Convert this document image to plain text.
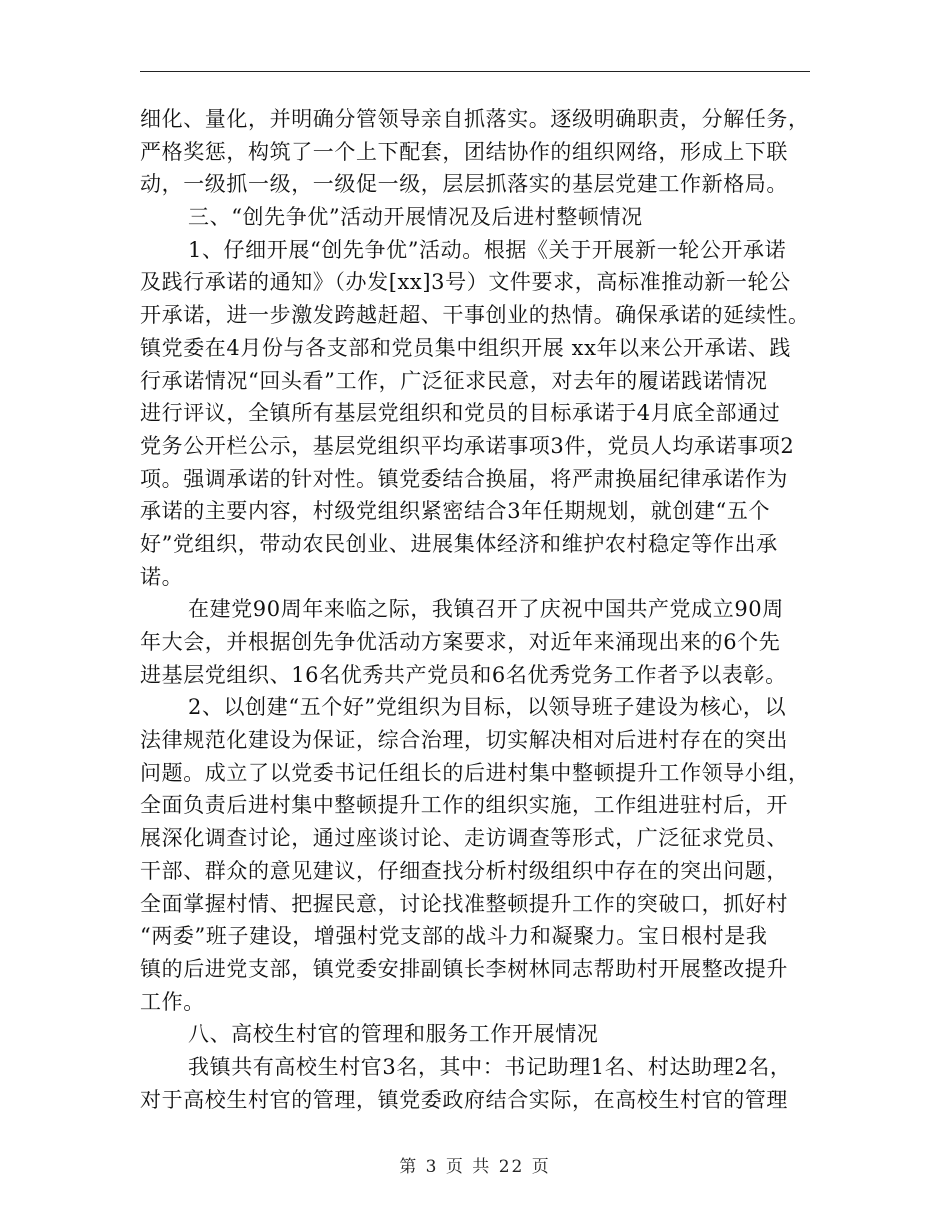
细化、量化，并明确分管领导亲自抓落实。逐级明确职责，分解任务，
严格奖惩，构筑了一个上下配套，团结协作的组织网络，形成上下联
动，一级抓一级，一级促一级，层层抓落实的基层党建工作新格局。
三、“创先争优”活动开展情况及后进村整顿情况
1、仔细开展“创先争优”活动。根据《关于开展新一轮公开承诺
及践行承诺的通知》（办发[xx]3号）文件要求，高标准推动新一轮公
开承诺，进一步激发跨越赶超、干事创业的热情。确保承诺的延续性。
镇党委在4月份与各支部和党员集中组织开展 xx年以来公开承诺、践
行承诺情况“回头看”工作，广泛征求民意，对去年的履诺践诺情况
进行评议，全镇所有基层党组织和党员的目标承诺于4月底全部通过
党务公开栏公示，基层党组织平均承诺事项3件，党员人均承诺事项2
项。强调承诺的针对性。镇党委结合换届，将严肃换届纪律承诺作为
承诺的主要内容，村级党组织紧密结合3年任期规划，就创建“五个
好”党组织，带动农民创业、进展集体经济和维护农村稳定等作出承
诺。
在建党90周年来临之际，我镇召开了庆祝中国共产党成立90周
年大会，并根据创先争优活动方案要求，对近年来涌现出来的6个先
进基层党组织、16名优秀共产党员和6名优秀党务工作者予以表彰。
2、以创建“五个好”党组织为目标，以领导班子建设为核心，以
法律规范化建设为保证，综合治理，切实解决相对后进村存在的突出
问题。成立了以党委书记任组长的后进村集中整顿提升工作领导小组，
全面负责后进村集中整顿提升工作的组织实施，工作组进驻村后，开
展深化调查讨论，通过座谈讨论、走访调查等形式，广泛征求党员、
干部、群众的意见建议，仔细查找分析村级组织中存在的突出问题，
全面掌握村情、把握民意，讨论找准整顿提升工作的突破口，抓好村
“两委”班子建设，增强村党支部的战斗力和凝聚力。宝日根村是我
镇的后进党支部，镇党委安排副镇长李树林同志帮助村开展整改提升
工作。
八、高校生村官的管理和服务工作开展情况
我镇共有高校生村官3名，其中：书记助理1名、村达助理2名，
对于高校生村官的管理，镇党委政府结合实际，在高校生村官的管理
第 3 页 共 22 页
